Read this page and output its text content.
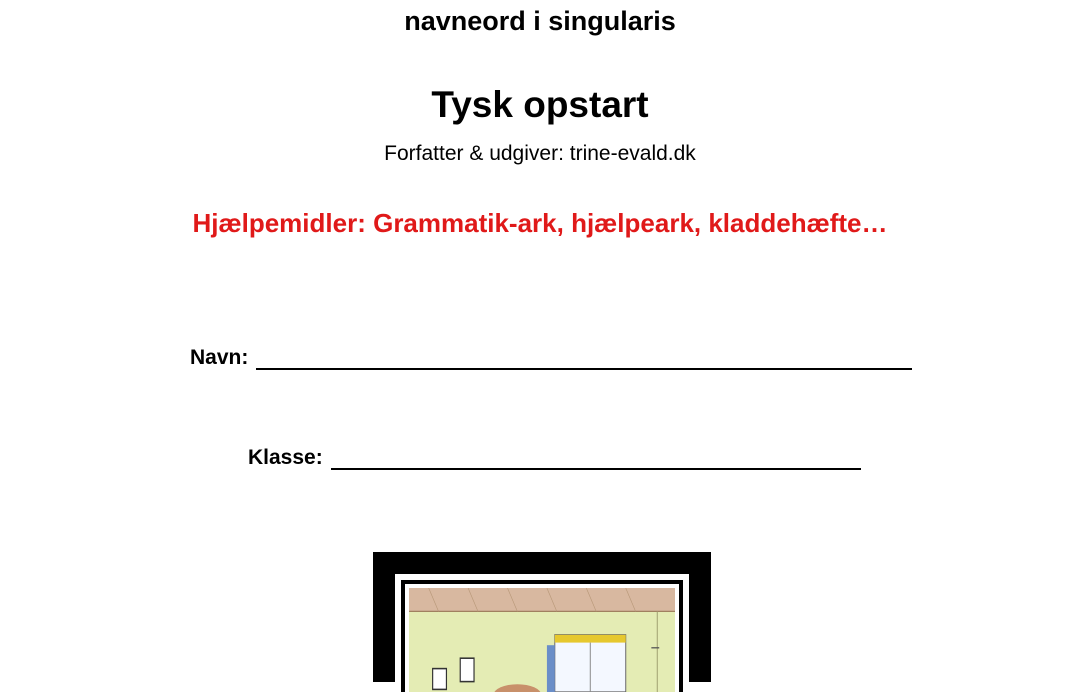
navneord i singularis
Tysk opstart
Forfatter & udgiver: trine-evald.dk
Hjælpemidler: Grammatik-ark, hjælpeark, kladdehæfte…
Navn:
Klasse:
